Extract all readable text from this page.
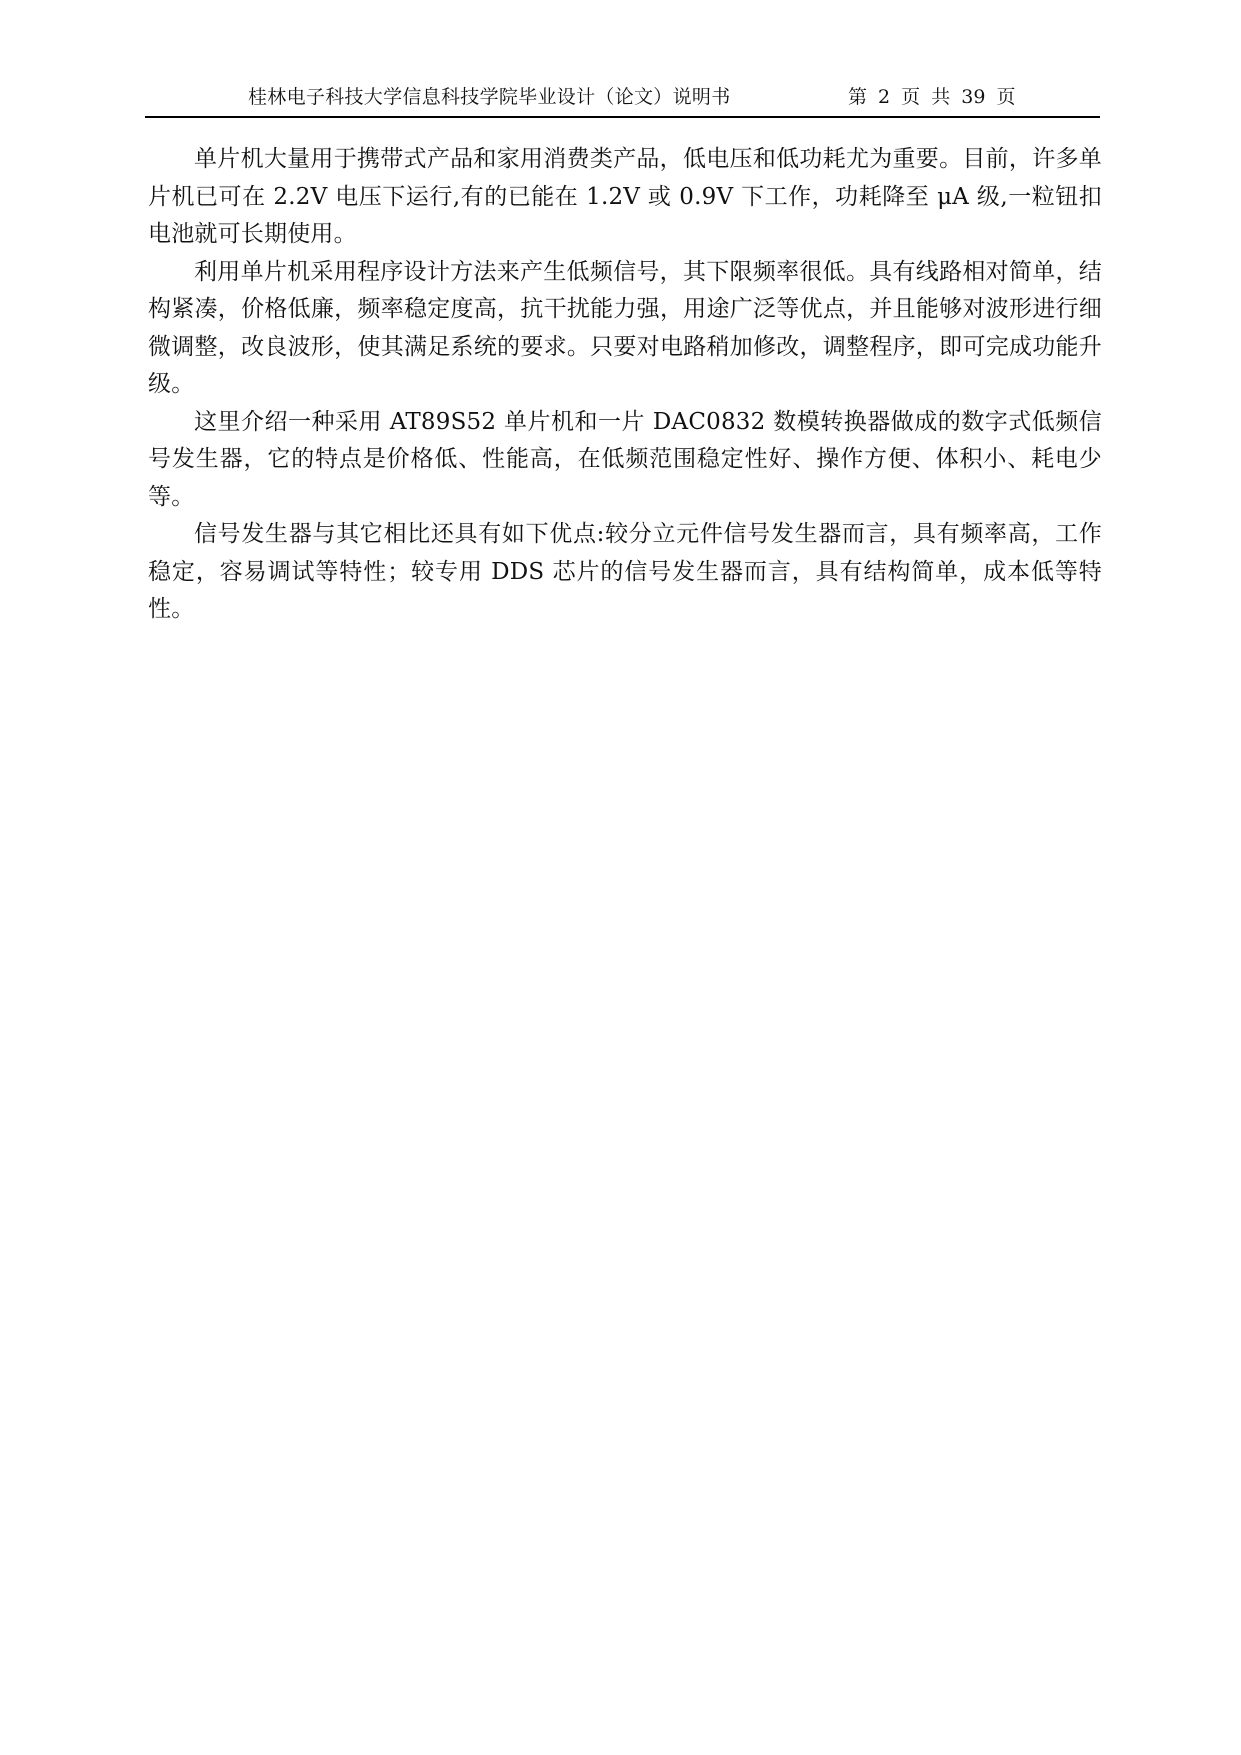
桂林电子科技大学信息科技学院毕业设计（论文）说明书	第 2 页 共 39 页

单片机大量用于携带式产品和家用消费类产品，低电压和低功耗尤为重要。目前，许多单片机已可在 2.2V 电压下运行,有的已能在 1.2V 或 0.9V 下工作，功耗降至 μA 级,一粒钮扣电池就可长期使用。

利用单片机采用程序设计方法来产生低频信号，其下限频率很低。具有线路相对简单，结构紧凑，价格低廉，频率稳定度高，抗干扰能力强，用途广泛等优点，并且能够对波形进行细微调整，改良波形，使其满足系统的要求。只要对电路稍加修改，调整程序，即可完成功能升级。

这里介绍一种采用 AT89S52 单片机和一片 DAC0832 数模转换器做成的数字式低频信号发生器，它的特点是价格低、性能高，在低频范围稳定性好、操作方便、体积小、耗电少等。

信号发生器与其它相比还具有如下优点:较分立元件信号发生器而言，具有频率高，工作稳定，容易调试等特性；较专用 DDS 芯片的信号发生器而言，具有结构简单，成本低等特性。
